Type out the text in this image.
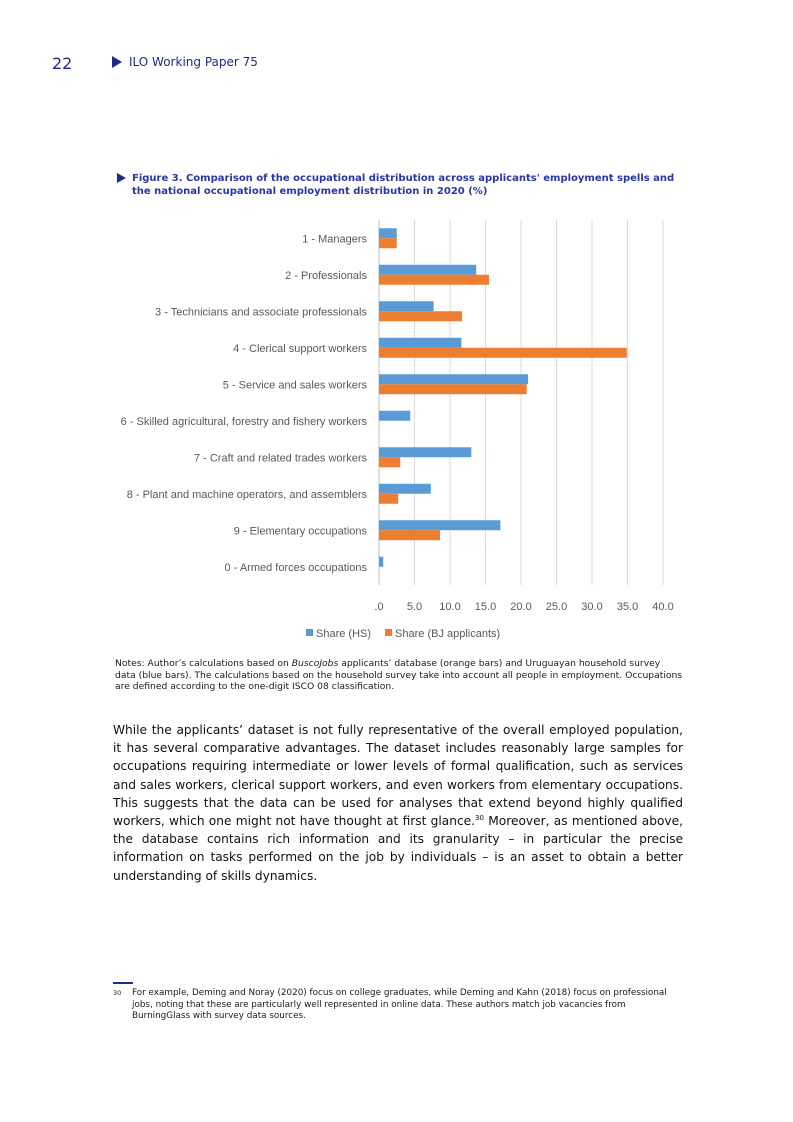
22	ILO Working Paper 75
Figure 3. Comparison of the occupational distribution across applicants' employment spells and the national occupational employment distribution in 2020 (%)
.0 5.0 10.0 15.0 20.0 25.0 30.0 35.0 40.0
1 - Managers
2 - Professionals
3 - Technicians and associate professionals
4 - Clerical support workers
5 - Service and sales workers
6 - Skilled agricultural, forestry and fishery workers
7 - Craft and related trades workers
8 - Plant and machine operators, and assemblers
9 - Elementary occupations
0 - Armed forces occupations
Share (HS) Share (BJ applicants)
Notes: Author’s calculations based on BuscoJobs applicants’ database (orange bars) and Uruguayan household survey data (blue bars). The calculations based on the household survey take into account all people in employment. Occupations are defined according to the one-digit ISCO 08 classification.
While the applicants’ dataset is not fully representative of the overall employed population, it has several comparative advantages. The dataset includes reasonably large samples for occupations requiring intermediate or lower levels of formal qualification, such as services and sales workers, clerical support workers, and even workers from elementary occupations. This suggests that the data can be used for analyses that extend beyond highly qualified workers, which one might not have thought at first glance.$^{30}$ Moreover, as mentioned above, the database contains rich information and its granularity – in particular the precise information on tasks performed on the job by individuals – is an asset to obtain a better understanding of skills dynamics.
30 For example, Deming and Noray (2020) focus on college graduates, while Deming and Kahn (2018) focus on professional jobs, noting that these are particularly well represented in online data. These authors match job vacancies from BurningGlass with survey data sources.
